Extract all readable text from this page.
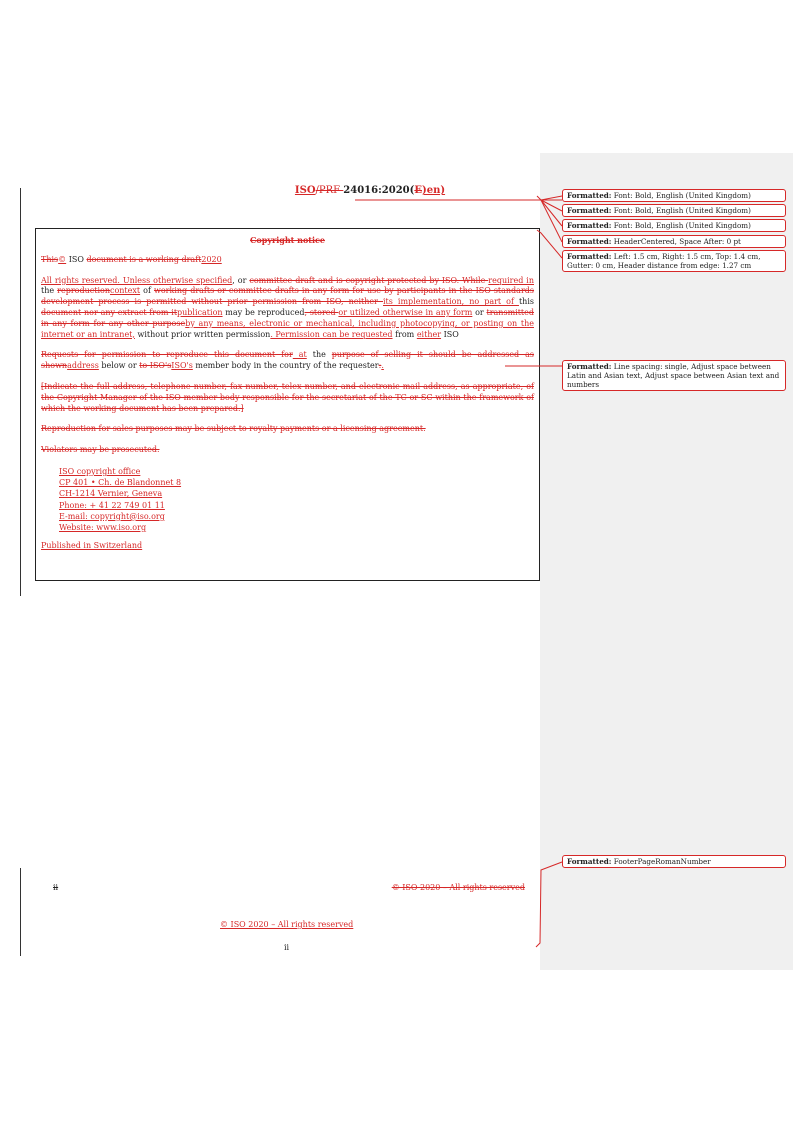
ISO/PRF 24016:2020(E)en)

Copyright notice

This© ISO document is a working draft2020

All rights reserved. Unless otherwise specified, or committee draft and is copyright-protected by ISO. While required in the reproductioncontext of working drafts or committee drafts in any form for use by participants in the ISO standards development process is permitted without prior permission from ISO, neither its implementation, no part of this document nor any extract from itpublication may be reproduced, stored or utilized otherwise in any form or transmitted in any form for any other purposeby any means, electronic or mechanical, including photocopying, or posting on the internet or an intranet, without prior written permission. Permission can be requested from either ISO

Requests for permission to reproduce this document for at the purpose of selling it should be addressed as shownaddress below or to ISO'sISO's member body in the country of the requester:.

[Indicate the full address, telephone number, fax number, telex number, and electronic mail address, as appropriate, of the Copyright Manager of the ISO member body responsible for the secretariat of the TC or SC within the framework of which the working document has been prepared.]

Reproduction for sales purposes may be subject to royalty payments or a licensing agreement.

Violators may be prosecuted.

ISO copyright office
CP 401 • Ch. de Blandonnet 8
CH-1214 Vernier, Geneva
Phone: + 41 22 749 01 11
E-mail: copyright@iso.org
Website: www.iso.org

Published in Switzerland

ii	© ISO 2020 – All rights reserved
© ISO 2020 – All rights reserved
ii
Formatted: Font: Bold, English (United Kingdom)
Formatted: Font: Bold, English (United Kingdom)
Formatted: Font: Bold, English (United Kingdom)
Formatted: HeaderCentered, Space After: 0 pt
Formatted: Left: 1.5 cm, Right: 1.5 cm, Top: 1.4 cm, Gutter: 0 cm, Header distance from edge: 1.27 cm
Formatted: Line spacing: single, Adjust space between Latin and Asian text, Adjust space between Asian text and numbers
Formatted: FooterPageRomanNumber
